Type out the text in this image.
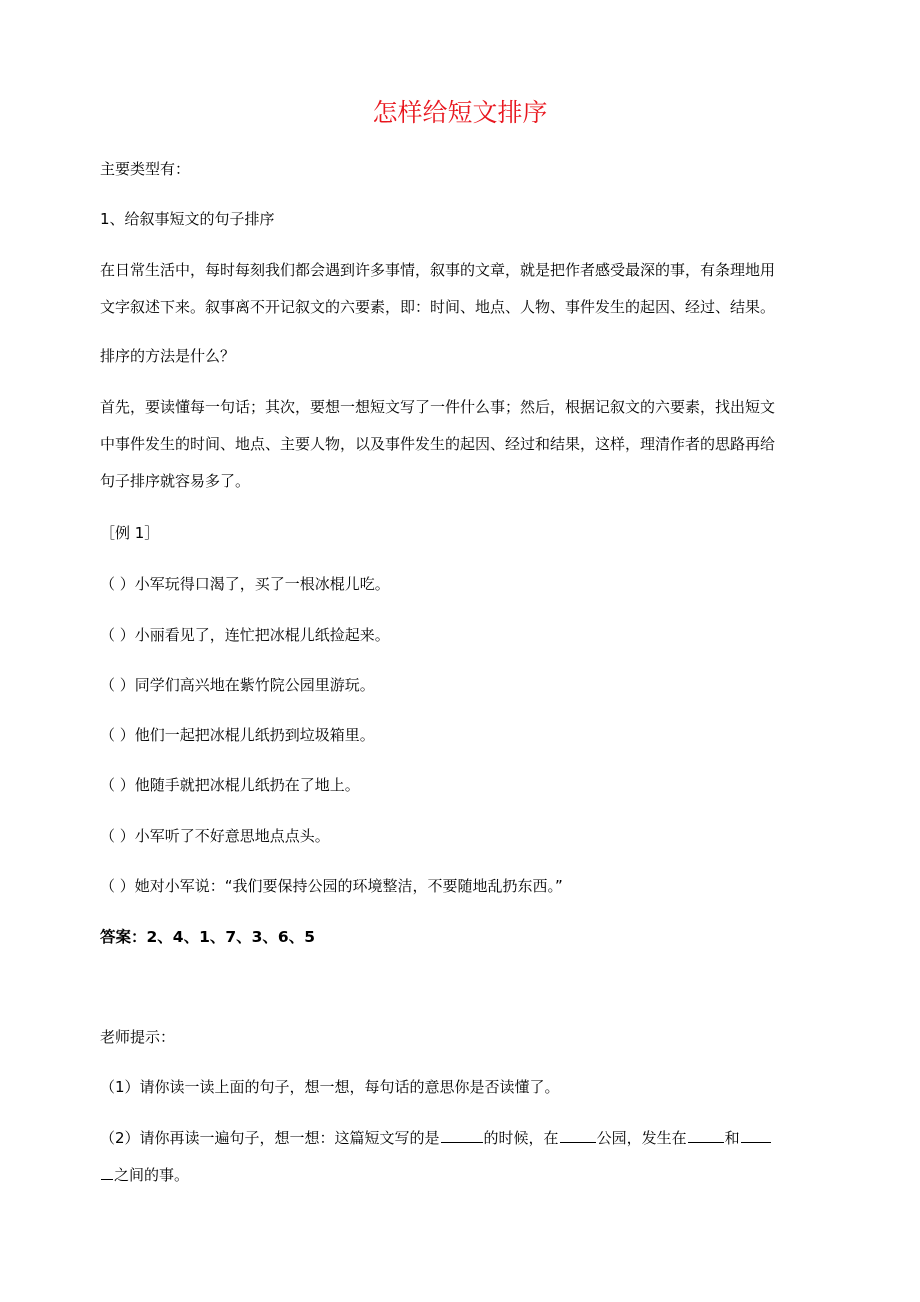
怎样给短文排序
主要类型有：
1、给叙事短文的句子排序
在日常生活中，每时每刻我们都会遇到许多事情，叙事的文章，就是把作者感受最深的事，有条理地用
文字叙述下来。叙事离不开记叙文的六要素，即：时间、地点、人物、事件发生的起因、经过、结果。
排序的方法是什么？
首先，要读懂每一句话；其次，要想一想短文写了一件什么事；然后，根据记叙文的六要素，找出短文
中事件发生的时间、地点、主要人物，以及事件发生的起因、经过和结果，这样，理清作者的思路再给
句子排序就容易多了。
［例 1］
（ ）小军玩得口渴了，买了一根冰棍儿吃。
（ ）小丽看见了，连忙把冰棍儿纸捡起来。
（ ）同学们高兴地在紫竹院公园里游玩。
（ ）他们一起把冰棍儿纸扔到垃圾箱里。
（ ）他随手就把冰棍儿纸扔在了地上。
（ ）小军听了不好意思地点点头。
（ ）她对小军说：“我们要保持公园的环境整洁，不要随地乱扔东西。”
答案：2、4、1、7、3、6、5
老师提示：
（1）请你读一读上面的句子，想一想，每句话的意思你是否读懂了。
（2）请你再读一遍句子，想一想：这篇短文写的是	的时候，在	公园，发生在	和
之间的事。
